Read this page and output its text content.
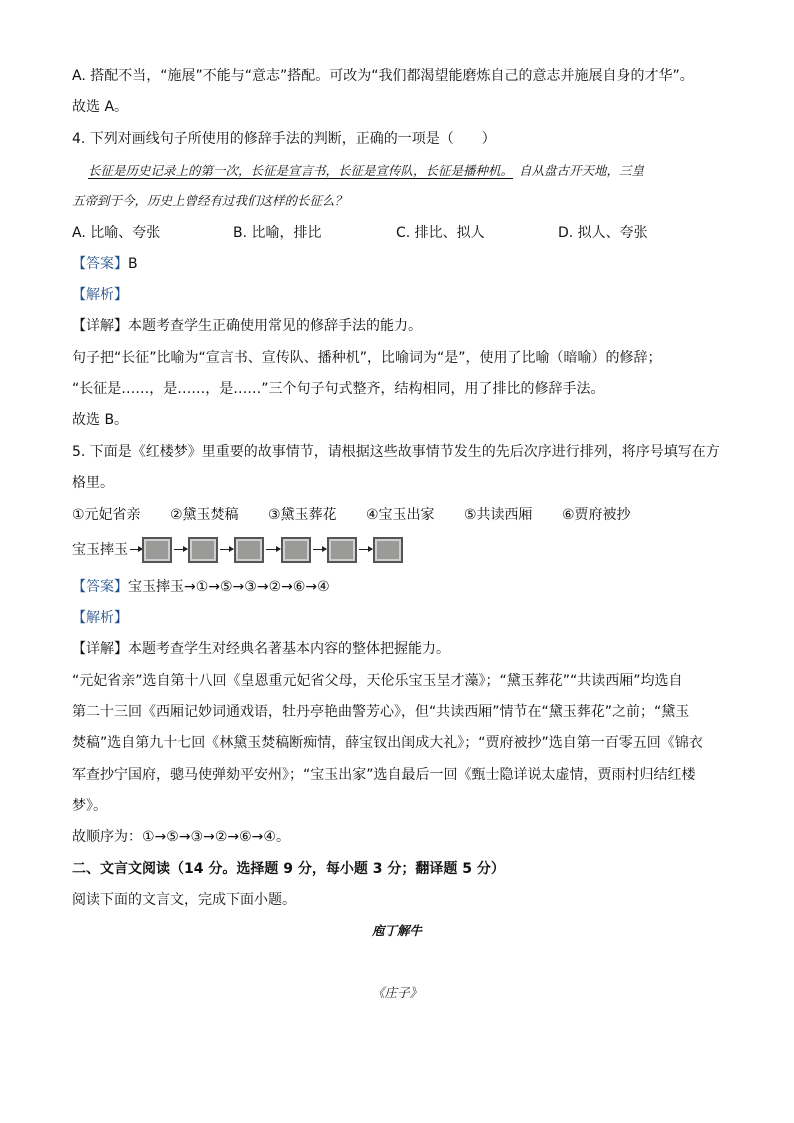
A. 搭配不当，“施展”不能与“意志”搭配。可改为“我们都渴望能磨炼自己的意志并施展自身的才华”。
故选 A。
4. 下列对画线句子所使用的修辞手法的判断，正确的一项是（　　）
长征是历史记录上的第一次，长征是宣言书，长征是宣传队，长征是播种机。 自从盘古开天地，三皇
五帝到于今，历史上曾经有过我们这样的长征么？
A. 比喻、夸张	B. 比喻，排比	C. 排比、拟人	D. 拟人、夸张
【答案】B
【解析】
【详解】本题考查学生正确使用常见的修辞手法的能力。
句子把“长征”比喻为“宣言书、宣传队、播种机”，比喻词为“是”，使用了比喻（暗喻）的修辞；
“长征是……，是……，是……”三个句子句式整齐，结构相同，用了排比的修辞手法。
故选 B。
5. 下面是《红楼梦》里重要的故事情节，请根据这些故事情节发生的先后次序进行排列，将序号填写在方
格里。
①元妃省亲 ②黛玉焚稿 ③黛玉葬花 ④宝玉出家 ⑤共读西厢 ⑥贾府被抄
宝玉摔玉
【答案】宝玉摔玉→①→⑤→③→②→⑥→④
【解析】
【详解】本题考查学生对经典名著基本内容的整体把握能力。
“元妃省亲”选自第十八回《皇恩重元妃省父母，天伦乐宝玉呈才藻》；“黛玉葬花”“共读西厢”均选自
第二十三回《西厢记妙词通戏语，牡丹亭艳曲警芳心》，但“共读西厢”情节在“黛玉葬花”之前；“黛玉
焚稿”选自第九十七回《林黛玉焚稿断痴情，薛宝钗出闺成大礼》；“贾府被抄”选自第一百零五回《锦衣
军查抄宁国府，骢马使弹劾平安州》；“宝玉出家”选自最后一回《甄士隐详说太虚情，贾雨村归结红楼
梦》。
故顺序为：①→⑤→③→②→⑥→④。
二、文言文阅读（14 分。选择题 9 分，每小题 3 分；翻译题 5 分）
阅读下面的文言文，完成下面小题。
庖丁解牛
《庄子》
